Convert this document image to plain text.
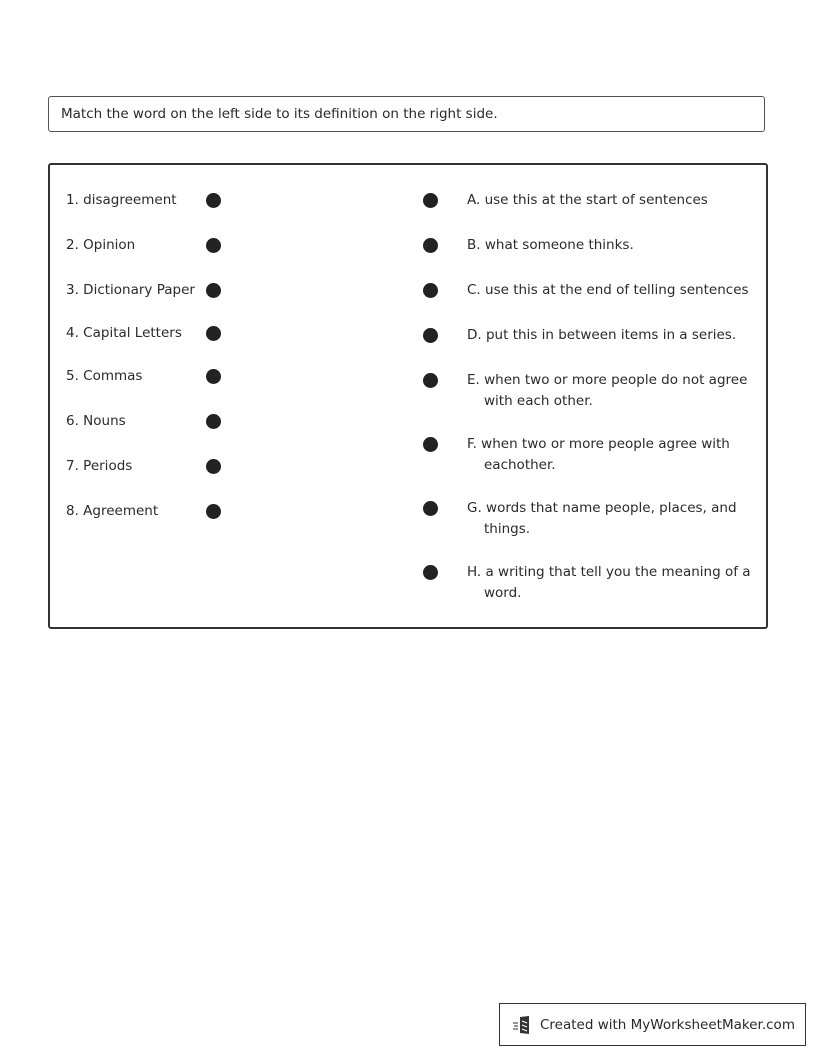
Match the word on the left side to its definition on the right side.
1. disagreement
2. Opinion
3. Dictionary Paper
4. Capital Letters
5. Commas
6. Nouns
7. Periods
8. Agreement
A. use this at the start of sentences
B. what someone thinks.
C. use this at the end of telling sentences
D. put this in between items in a series.
E. when two or more people do not agree with each other.
F. when two or more people agree with eachother.
G. words that name people, places, and things.
H. a writing that tell you the meaning of a word.
Created with MyWorksheetMaker.com
